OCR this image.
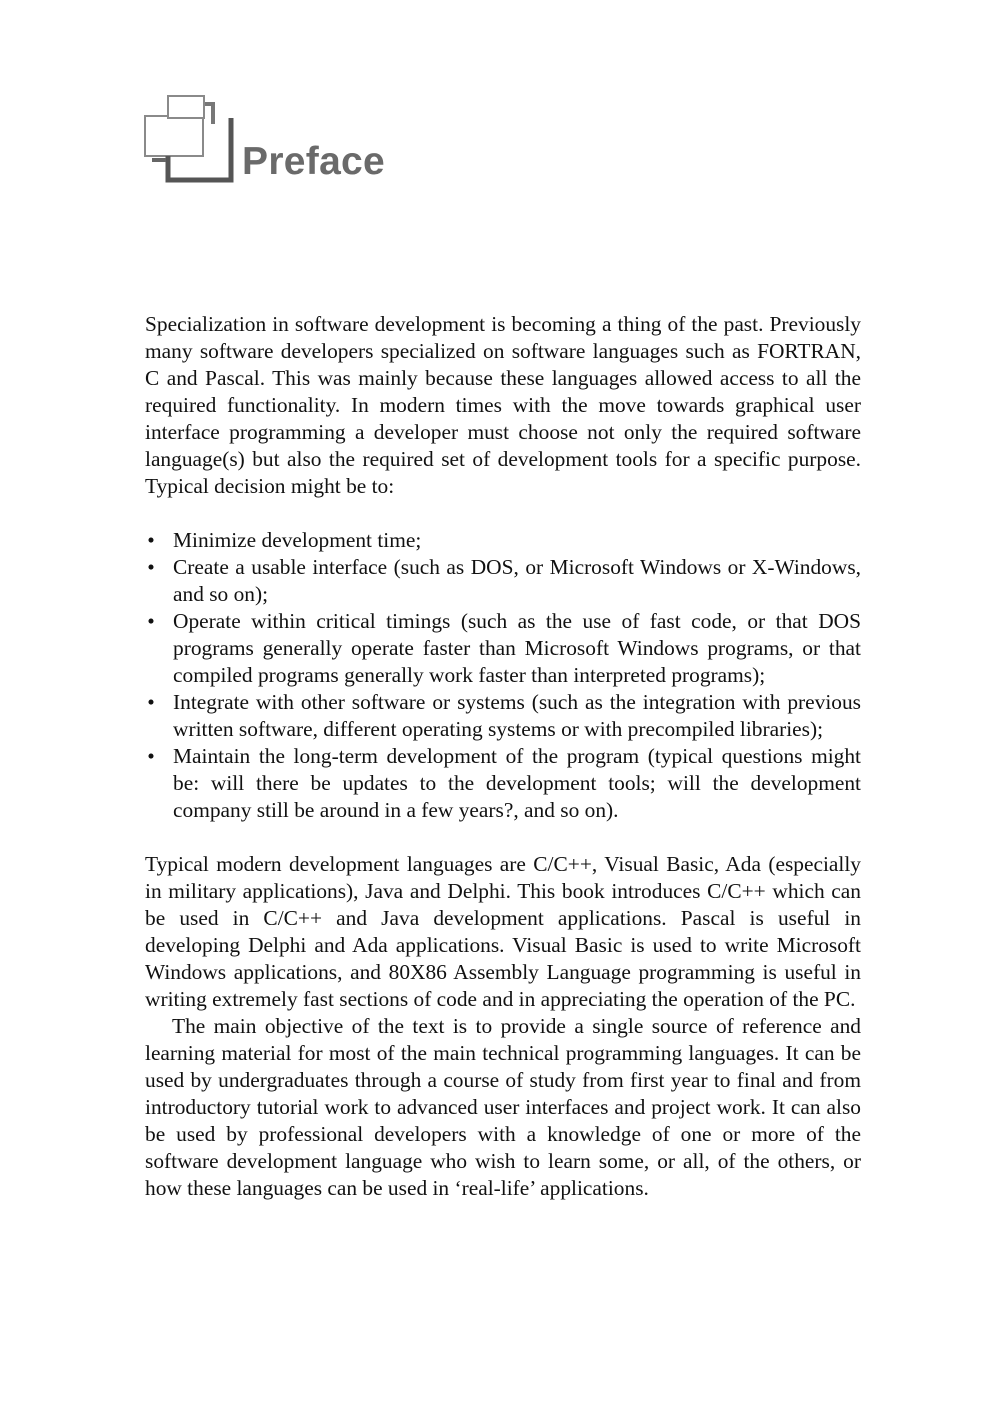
Preface

Specialization in software development is becoming a thing of the past. Previously many software developers specialized on software languages such as FORTRAN, C and Pascal. This was mainly because these languages allowed access to all the required functionality. In modern times with the move towards graphical user interface programming a developer must choose not only the required software language(s) but also the required set of development tools for a specific purpose. Typical decision might be to:

• Minimize development time;
• Create a usable interface (such as DOS, or Microsoft Windows or X-Windows, and so on);
• Operate within critical timings (such as the use of fast code, or that DOS programs generally operate faster than Microsoft Windows programs, or that compiled programs generally work faster than interpreted programs);
• Integrate with other software or systems (such as the integration with previous written software, different operating systems or with precompiled libraries);
• Maintain the long-term development of the program (typical questions might be: will there be updates to the development tools; will the development company still be around in a few years?, and so on).

Typical modern development languages are C/C++, Visual Basic, Ada (especially in military applications), Java and Delphi. This book introduces C/C++ which can be used in C/C++ and Java development applications. Pascal is useful in developing Delphi and Ada applications. Visual Basic is used to write Microsoft Windows applications, and 80X86 Assembly Language programming is useful in writing extremely fast sections of code and in appreciating the operation of the PC.

The main objective of the text is to provide a single source of reference and learning material for most of the main technical programming languages. It can be used by undergraduates through a course of study from first year to final and from introductory tutorial work to advanced user interfaces and project work. It can also be used by professional developers with a knowledge of one or more of the software development language who wish to learn some, or all, of the others, or how these languages can be used in ‘real-life’ applications.
